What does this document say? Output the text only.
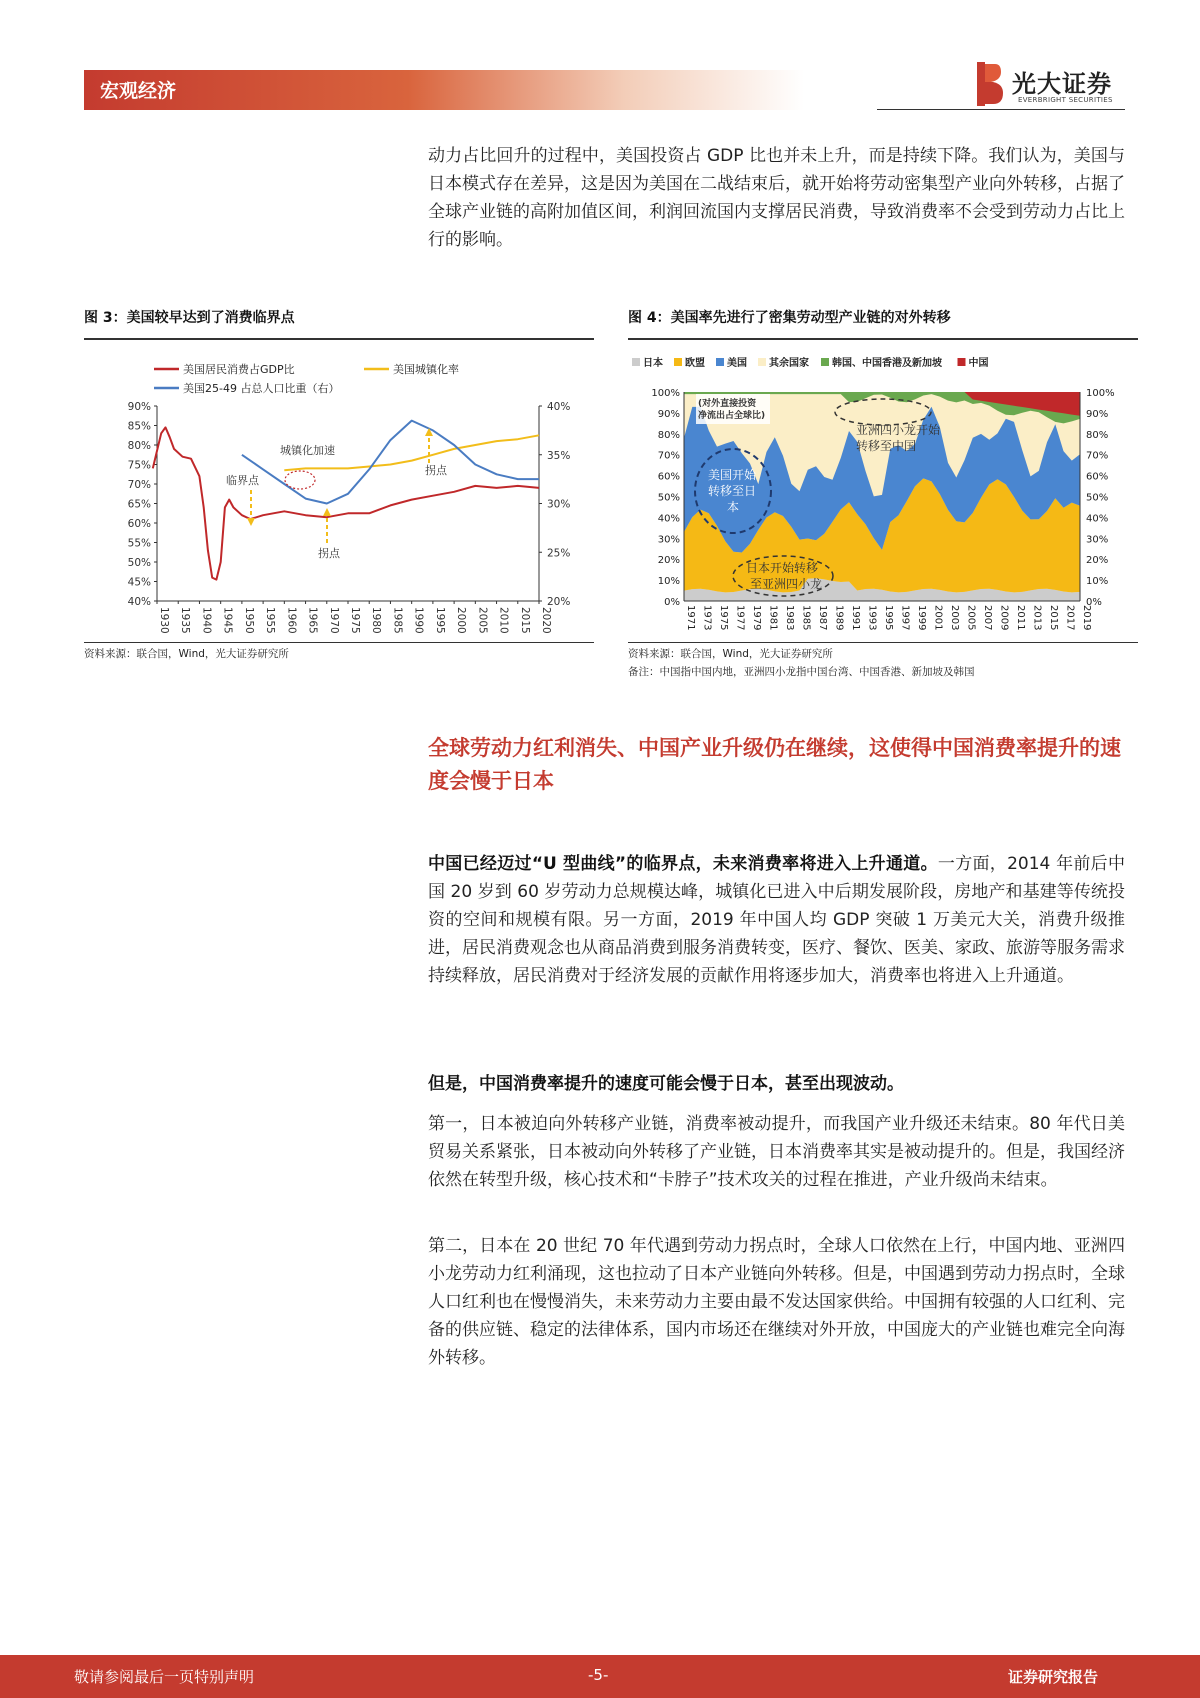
宏观经济	光大证券
EVERBRIGHT SECURITIES
动力占比回升的过程中，美国投资占 GDP 比也并未上升，而是持续下降。我们认为，美国与日本模式存在差异，这是因为美国在二战结束后，就开始将劳动密集型产业向外转移，占据了全球产业链的高附加值区间，利润回流国内支撑居民消费，导致消费率不会受到劳动力占比上行的影响。
图 3：美国较早达到了消费临界点
90%
85%
80%
75%
70%
65%
60%
55%
50%
45%
40%
40%
35%
30%
25%
20%
1930 1935 1940 1945 1950 1955 1960 1965 1970 1975 1980 1985 1990 1995 2000 2005 2010 2015 2020
美国居民消费占GDP比	美国城镇化率
美国25-49 占总人口比重（右）
城镇化加速
临界点
拐点
拐点
资料来源：联合国，Wind，光大证券研究所
图 4：美国率先进行了密集劳动型产业链的对外转移
日本 欧盟 美国 其余国家 韩国、中国香港及新加坡	中国
100%
90%
80%
70%
60%
50%
40%
30%
20%
10%
0%
100%
90%
80%
70%
60%
50%
40%
30%
20%
10%
0%
1971 1973 1975 1977 1979 1981 1983 1985 1987 1989 1991 1993 1995 1997 1999 2001 2003 2005 2007 2009 2011 2013 2015 2017 2019
(对外直接投资
净流出占全球比)
美国开始
转移至日
本
亚洲四小龙开始
转移至中国
日本开始转移
至亚洲四小龙
资料来源：联合国，Wind，光大证券研究所
备注：中国指中国内地，亚洲四小龙指中国台湾、中国香港、新加坡及韩国
全球劳动力红利消失、中国产业升级仍在继续，这使得中国消费率提升的速度会慢于日本
中国已经迈过“U 型曲线”的临界点，未来消费率将进入上升通道。一方面，2014 年前后中国 20 岁到 60 岁劳动力总规模达峰，城镇化已进入中后期发展阶段，房地产和基建等传统投资的空间和规模有限。另一方面，2019 年中国人均 GDP 突破 1 万美元大关，消费升级推进，居民消费观念也从商品消费到服务消费转变，医疗、餐饮、医美、家政、旅游等服务需求持续释放，居民消费对于经济发展的贡献作用将逐步加大，消费率也将进入上升通道。
但是，中国消费率提升的速度可能会慢于日本，甚至出现波动。
第一，日本被迫向外转移产业链，消费率被动提升，而我国产业升级还未结束。80 年代日美贸易关系紧张，日本被动向外转移了产业链，日本消费率其实是被动提升的。但是，我国经济依然在转型升级，核心技术和“卡脖子”技术攻关的过程在推进，产业升级尚未结束。
第二，日本在 20 世纪 70 年代遇到劳动力拐点时，全球人口依然在上行，中国内地、亚洲四小龙劳动力红利涌现，这也拉动了日本产业链向外转移。但是，中国遇到劳动力拐点时，全球人口红利也在慢慢消失，未来劳动力主要由最不发达国家供给。中国拥有较强的人口红利、完备的供应链、稳定的法律体系，国内市场还在继续对外开放，中国庞大的产业链也难完全向海外转移。
敬请参阅最后一页特别声明	-5-	证券研究报告
